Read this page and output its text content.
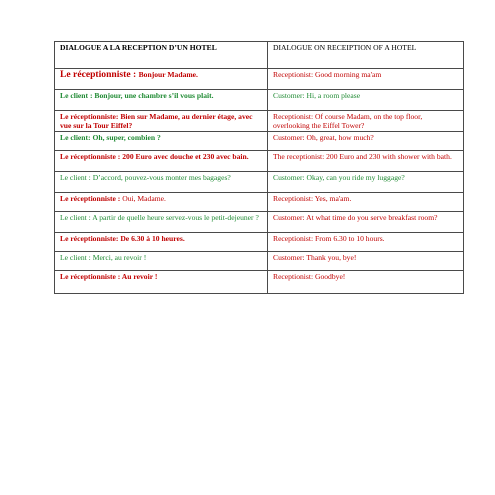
DIALOGUE A LA RECEPTION D’UN HOTEL	DIALOGUE ON RECEIPTION OF A HOTEL
Le réceptionniste : Bonjour Madame.	Receptionist: Good morning ma'am
Le client : Bonjour, une chambre s’il vous plait.	Customer: Hi, a room please
Le réceptionniste: Bien sur Madame, au dernier étage, avec vue sur la Tour Eiffel?	Receptionist: Of course Madam, on the top floor, overlooking the Eiffel Tower?
Le client: Oh, super, combien ?	Customer: Oh, great, how much?
Le réceptionniste : 200 Euro avec douche et 230 avec bain.	The receptionist: 200 Euro and 230 with shower with bath.
Le client : D’accord, pouvez-vous monter mes bagages?	Customer: Okay, can you ride my luggage?
Le réceptionniste : Oui, Madame.	Receptionist: Yes, ma'am.
Le client : A partir de quelle heure servez-vous le petit-dejeuner ?	Customer: At what time do you serve breakfast room?
Le réceptionniste: De 6.30 à 10 heures.	Receptionist: From 6.30 to 10 hours.
Le client : Merci, au revoir !	Customer: Thank you, bye!
Le réceptionniste : Au revoir !	Receptionist: Goodbye!
